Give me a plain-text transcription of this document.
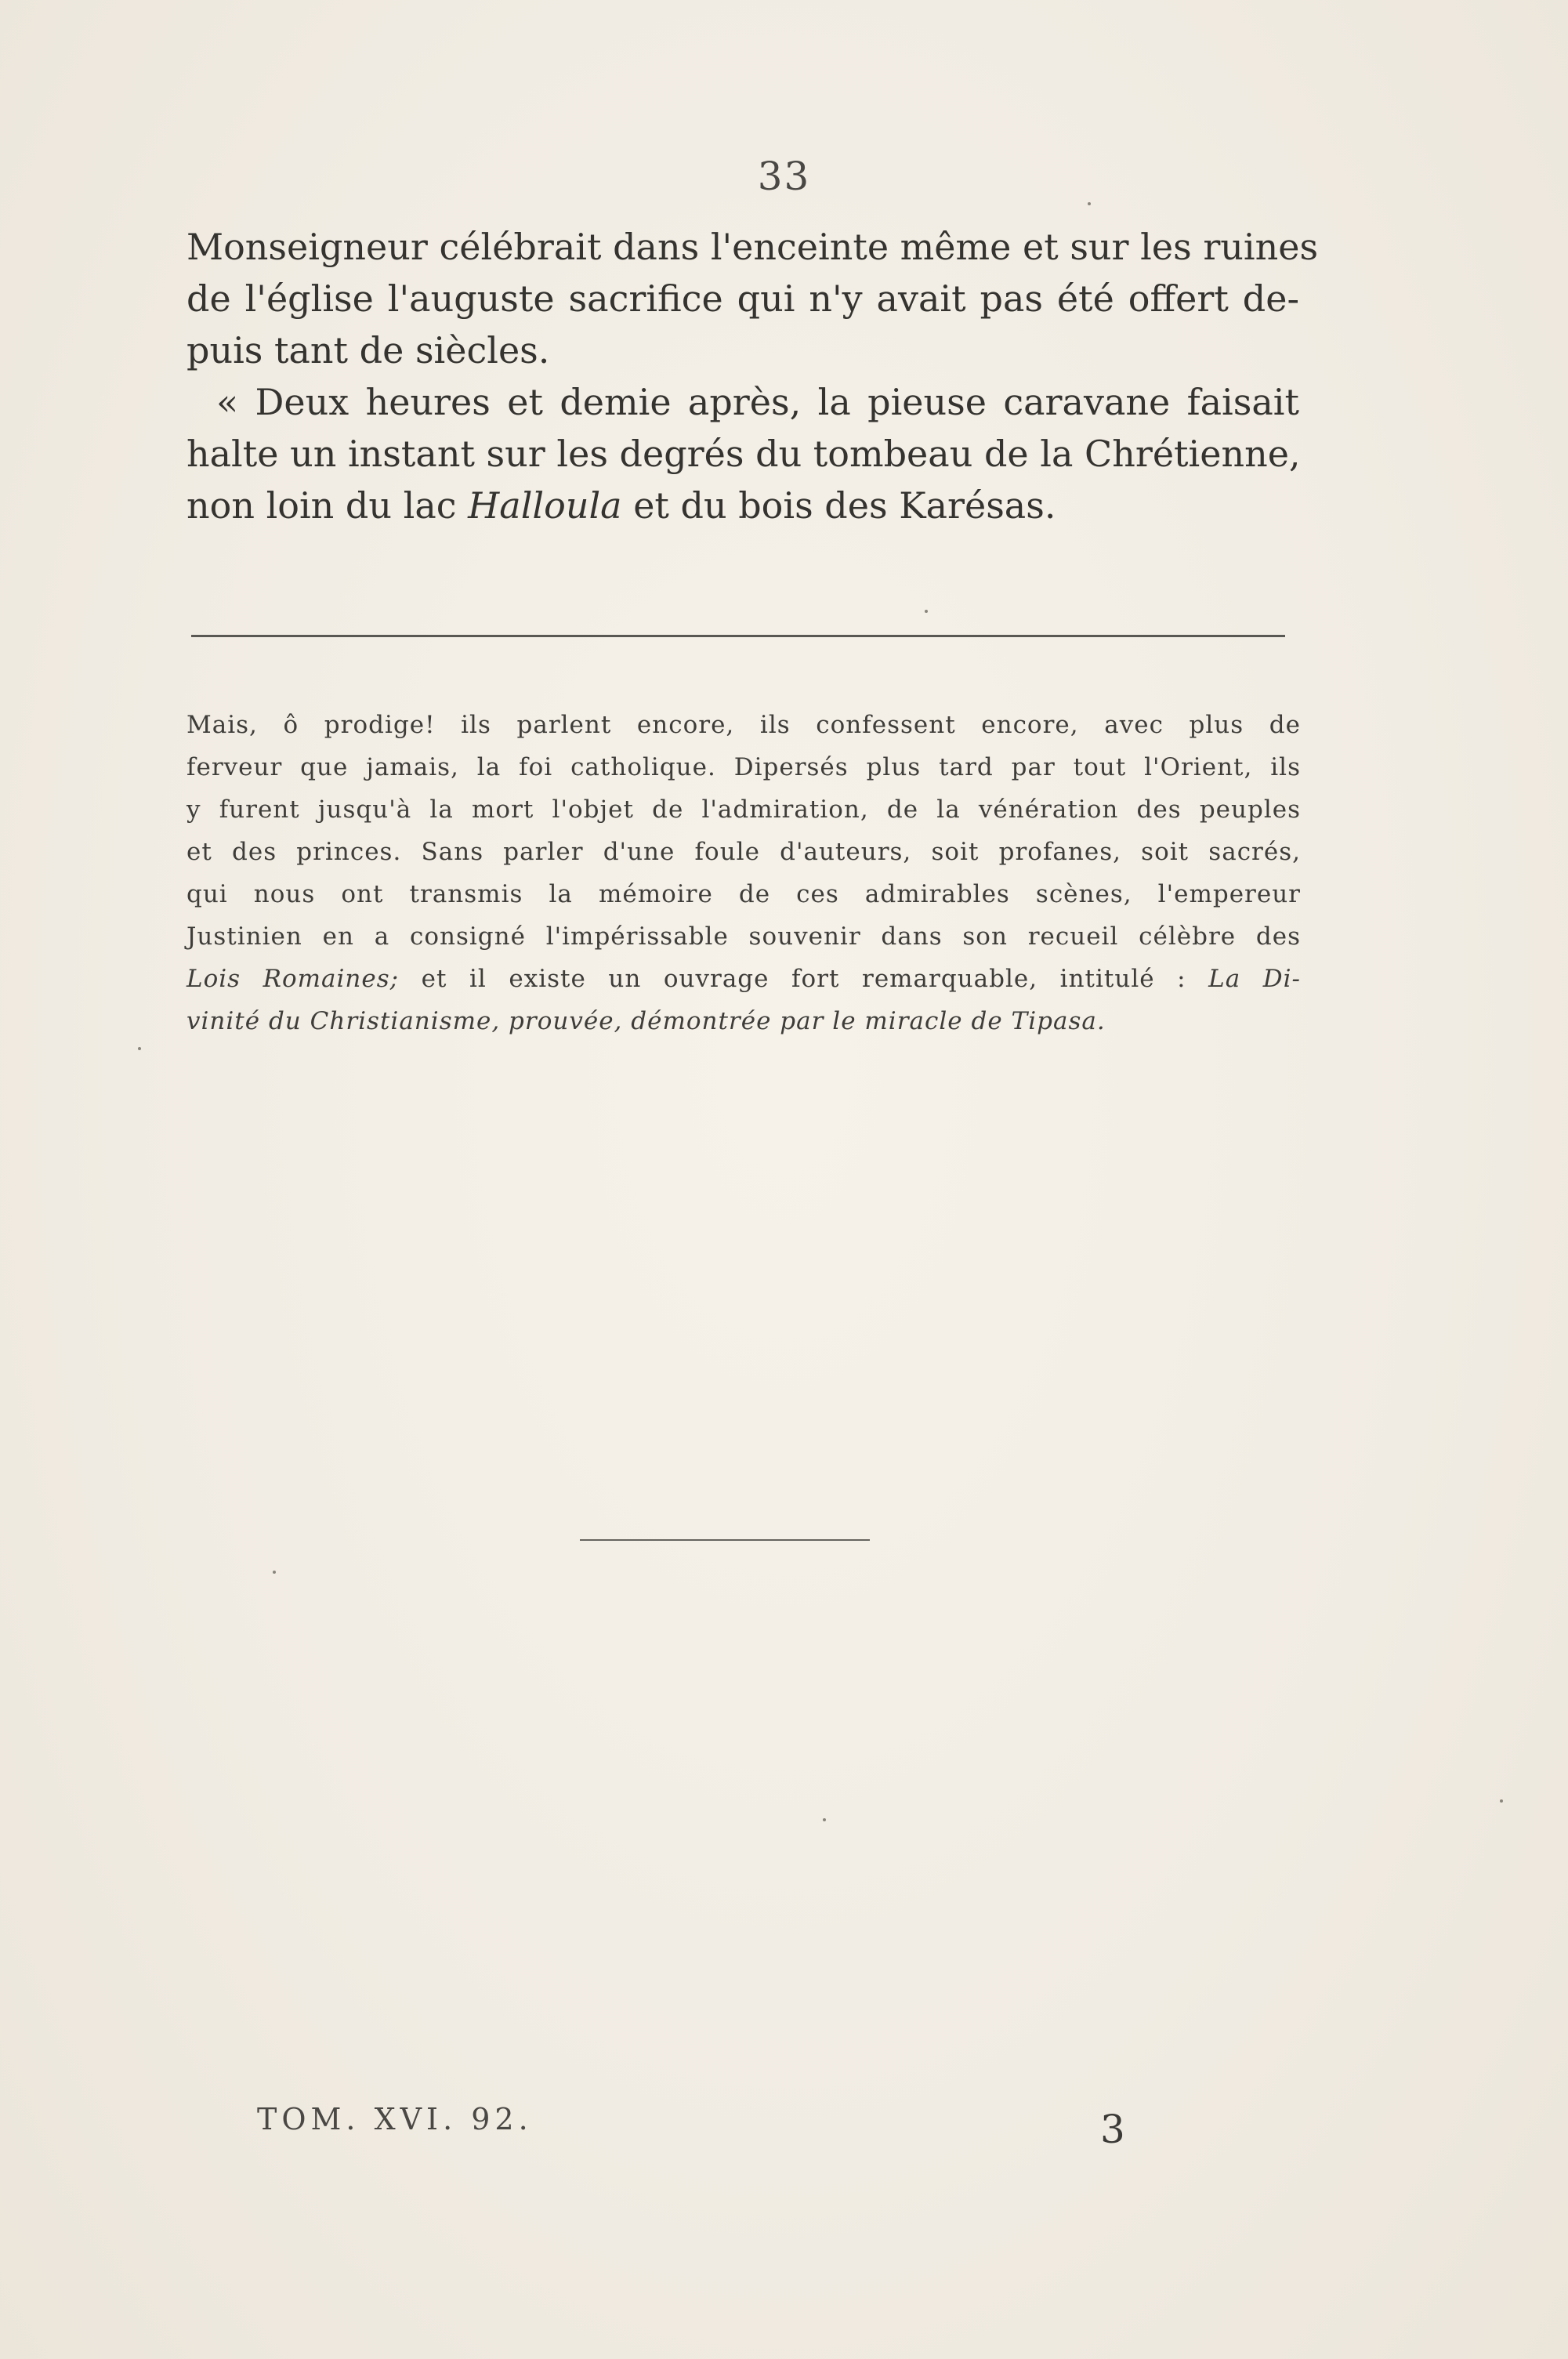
33
Monseigneur célébrait dans l'enceinte même et sur les ruines
de l'église l'auguste sacrifice qui n'y avait pas été offert de-
puis tant de siècles.
« Deux heures et demie après, la pieuse caravane faisait
halte un instant sur les degrés du tombeau de la Chrétienne,
non loin du lac Halloula et du bois des Karésas.
Mais, ô prodige! ils parlent encore, ils confessent encore, avec plus de
ferveur que jamais, la foi catholique. Dipersés plus tard par tout l'Orient, ils
y furent jusqu'à la mort l'objet de l'admiration, de la vénération des peuples
et des princes. Sans parler d'une foule d'auteurs, soit profanes, soit sacrés,
qui nous ont transmis la mémoire de ces admirables scènes, l'empereur
Justinien en a consigné l'impérissable souvenir dans son recueil célèbre des
Lois Romaines; et il existe un ouvrage fort remarquable, intitulé : La Di-
vinité du Christianisme, prouvée, démontrée par le miracle de Tipasa.
TOM. XVI. 92.	3
